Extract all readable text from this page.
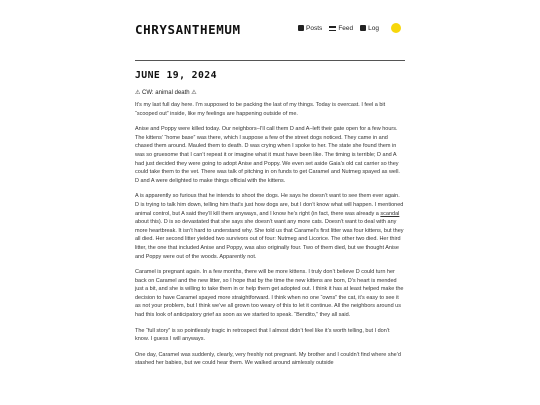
CHRYSANTHEMUM	Posts Feed Log
JUNE 19, 2024
⚠ CW: animal death ⚠

It’s my last full day here. I’m supposed to be packing the last of my things. Today is overcast. I feel a bit “scooped out” inside, like my feelings are happening outside of me.

Anise and Poppy were killed today. Our neighbors–I’ll call them D and A–left their gate open for a few hours. The kittens’ “home base” was there, which I suppose a few of the street dogs noticed. They came in and chased them around. Mauled them to death. D was crying when I spoke to her. The state she found them in was so gruesome that I can’t repeat it or imagine what it must have been like. The timing is terrible; D and A had just decided they were going to adopt Anise and Poppy. We even set aside Gaia’s old cat carrier so they could take them to the vet. There was talk of pitching in on funds to get Caramel and Nutmeg spayed as well. D and A were delighted to make things official with the kittens.

A is apparently so furious that he intends to shoot the dogs. He says he doesn’t want to see them ever again. D is trying to talk him down, telling him that’s just how dogs are, but I don’t know what will happen. I mentioned animal control, but A said they’ll kill them anyways, and I know he’s right (in fact, there was already a scandal about this). D is so devastated that she says she doesn’t want any more cats. Doesn’t want to deal with any more heartbreak. It isn’t hard to understand why. She told us that Caramel’s first litter was four kittens, but they all died. Her second litter yielded two survivors out of four: Nutmeg and Licorice. The other two died. Her third litter, the one that included Anise and Poppy, was also originally four. Two of them died, but we thought Anise and Poppy were out of the woods. Apparently not.

Caramel is pregnant again. In a few months, there will be more kittens. I truly don’t believe D could turn her back on Caramel and the new litter, so I hope that by the time the new kittens are born, D’s heart is mended just a bit, and she is willing to take them in or help them get adopted out. I think it has at least helped make the decision to have Caramel spayed more straightforward. I think when no one “owns” the cat, it’s easy to see it as not your problem, but I think we’ve all grown too weary of this to let it continue. All the neighbors around us had this look of anticipatory grief as soon as we started to speak. “Bendito,” they all said.

The “full story” is so pointlessly tragic in retrospect that I almost didn’t feel like it’s worth telling, but I don’t know. I guess I will anyways.

One day, Caramel was suddenly, clearly, very freshly not pregnant. My brother and I couldn’t find where she’d stashed her babies, but we could hear them. We walked around aimlessly outside
